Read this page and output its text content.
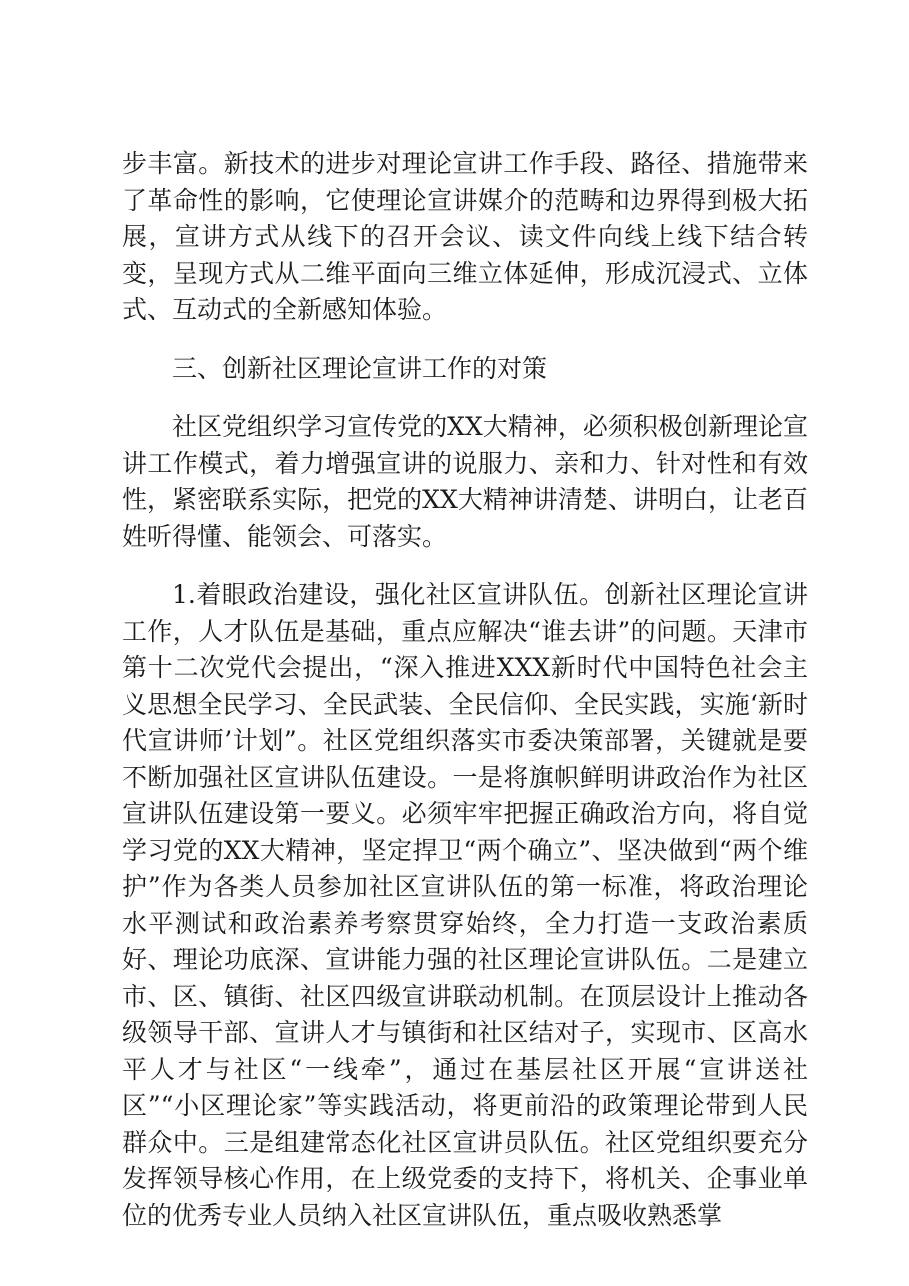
步丰富。新技术的进步对理论宣讲工作手段、路径、措施带来了革命性的影响，它使理论宣讲媒介的范畴和边界得到极大拓展，宣讲方式从线下的召开会议、读文件向线上线下结合转变，呈现方式从二维平面向三维立体延伸，形成沉浸式、立体式、互动式的全新感知体验。

三、创新社区理论宣讲工作的对策

社区党组织学习宣传党的XX大精神，必须积极创新理论宣讲工作模式，着力增强宣讲的说服力、亲和力、针对性和有效性，紧密联系实际，把党的XX大精神讲清楚、讲明白，让老百姓听得懂、能领会、可落实。

1.着眼政治建设，强化社区宣讲队伍。创新社区理论宣讲工作，人才队伍是基础，重点应解决“谁去讲”的问题。天津市第十二次党代会提出，“深入推进XXX新时代中国特色社会主义思想全民学习、全民武装、全民信仰、全民实践，实施‘新时代宣讲师’计划”。社区党组织落实市委决策部署，关键就是要不断加强社区宣讲队伍建设。一是将旗帜鲜明讲政治作为社区宣讲队伍建设第一要义。必须牢牢把握正确政治方向，将自觉学习党的XX大精神，坚定捍卫“两个确立”、坚决做到“两个维护”作为各类人员参加社区宣讲队伍的第一标准，将政治理论水平测试和政治素养考察贯穿始终，全力打造一支政治素质好、理论功底深、宣讲能力强的社区理论宣讲队伍。二是建立市、区、镇街、社区四级宣讲联动机制。在顶层设计上推动各级领导干部、宣讲人才与镇街和社区结对子，实现市、区高水平人才与社区“一线牵”，通过在基层社区开展“宣讲送社区”“小区理论家”等实践活动，将更前沿的政策理论带到人民群众中。三是组建常态化社区宣讲员队伍。社区党组织要充分发挥领导核心作用，在上级党委的支持下，将机关、企事业单位的优秀专业人员纳入社区宣讲队伍，重点吸收熟悉掌
